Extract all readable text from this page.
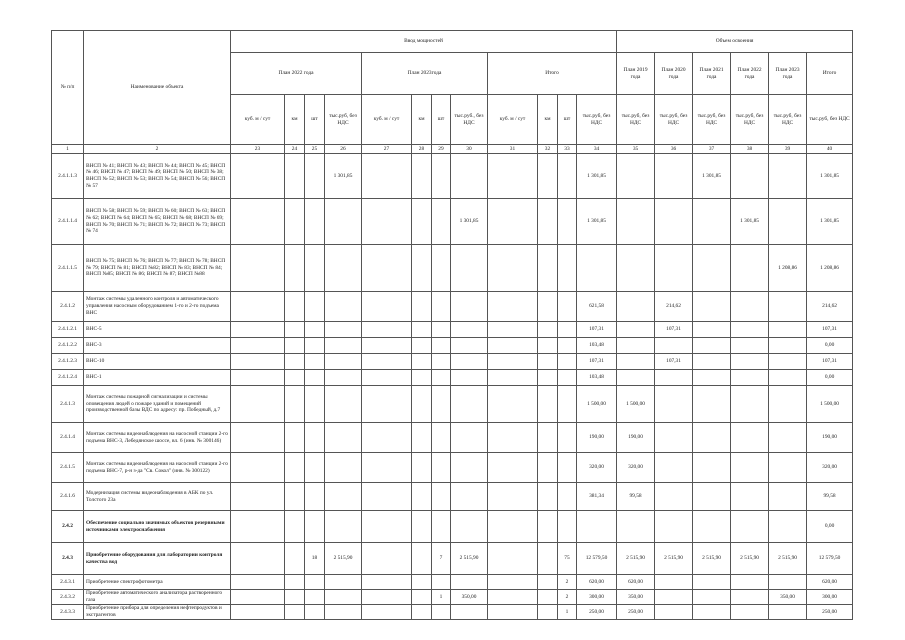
№ п/п	Наименование объекта	Ввод мощностей												Объем освоения					
		План 2022 года				План 2023года				Итого				План 2019 года	План 2020 года	План 2021 года	План 2022 года	План 2023 года	Итого
		куб. м / сут	км	шт	тыс.руб, без НДС	куб. м / сут	км	шт	тыс.руб., без НДС	куб. м / сут	км	шт	тыс.руб, без НДС	тыс.руб, без НДС	тыс.руб, без НДС	тыс.руб, без НДС	тыс.руб, без НДС	тыс.руб, без НДС	тыс.руб, без НДС
1	2	23	24	25	26	27	28	29	30	31	32	33	34	35	36	37	38	39	40
2.4.1.1.3	ВНСП № 41; ВНСП № 43; ВНСП № 44; ВНСП № 45; ВНСП № 46; ВНСП № 47; ВНСП № 49; ВНСП № 50; ВНСП № 38; ВНСП № 52; ВНСП № 53; ВНСП № 54; ВНСП № 56; ВНСП № 57				1 301,85								1 301,85			1 301,85			1 301,85
2.4.1.1.4	ВНСП № 58; ВНСП № 59; ВНСП № 60; ВНСП № 63; ВНСП № 62; ВНСП № 64; ВНСП № 65; ВНСП № 68; ВНСП № 69; ВНСП № 70; ВНСП № 71; ВНСП № 72; ВНСП № 73; ВНСП № 74								1 301,85				1 301,85				1 301,85		1 301,85
2.4.1.1.5	ВНСП № 75; ВНСП № 76; ВНСП № 77; ВНСП № 78; ВНСП № 79; ВНСП № 81; ВНСП №82; ВНСП № 83; ВНСП № 84; ВНСП №85; ВНСП № 86; ВНСП № 87; ВНСП №88																	1 208,86	1 208,86
2.4.1.2	Монтаж системы удаленного контроля и автоматического управления насосным оборудованием 1-го и 2-го подъема ВНС												621,58		214,62				214,62
2.4.1.2.1	ВНС-5												107,31		107,31				107,31
2.4.1.2.2	ВНС-3												103,48						0,00
2.4.1.2.3	ВНС-10												107,31		107,31				107,31
2.4.1.2.4	ВНС-1												103,48						0,00
2.4.1.3	Монтаж системы пожарной сигнализации и системы оповещения людей о пожаре зданий и помещений производственной базы ВДС по адресу: пр. Победный, д.7												1 500,00	1 500,00					1 500,00
2.4.1.4	Монтаж системы видеонаблюдения на насосной станции 2-го подъема ВНС-3, Лебедянское шоссе, вл. 6 (инв. № 300146)												190,00	190,00					190,00
2.4.1.5	Монтаж системы видеонаблюдения на насосной станции 2-го подъема ВНС-7, р-н з-да "Св. Сокол" (инв. № 300122)												320,00	320,00					320,00
2.4.1.6	Модернизация системы видеонаблюдения в АБК по ул. Толстого 23а												381,34	99,58					99,58
2.4.2	Обеспечение социально значимых объектов резервными источниками электроснабжения																		0,00
2.4.3	Приобретение оборудования для лаборатории контроля качества вод			18	2 515,90			7	2 515,90			75	12 579,50	2 515,90	2 515,90	2 515,90	2 515,90	2 515,90	12 579,50
2.4.3.1	Приобретение спектрофотометра											2	620,00	620,00					620,00
2.4.3.2	Приобретение автоматического анализатора растворенного газа							1	350,00			2	300,00	350,00				350,00	300,00
2.4.3.3	Приобретение прибора для определения нефтепродуктов и экстрагентов											1	250,00	250,00					250,00
